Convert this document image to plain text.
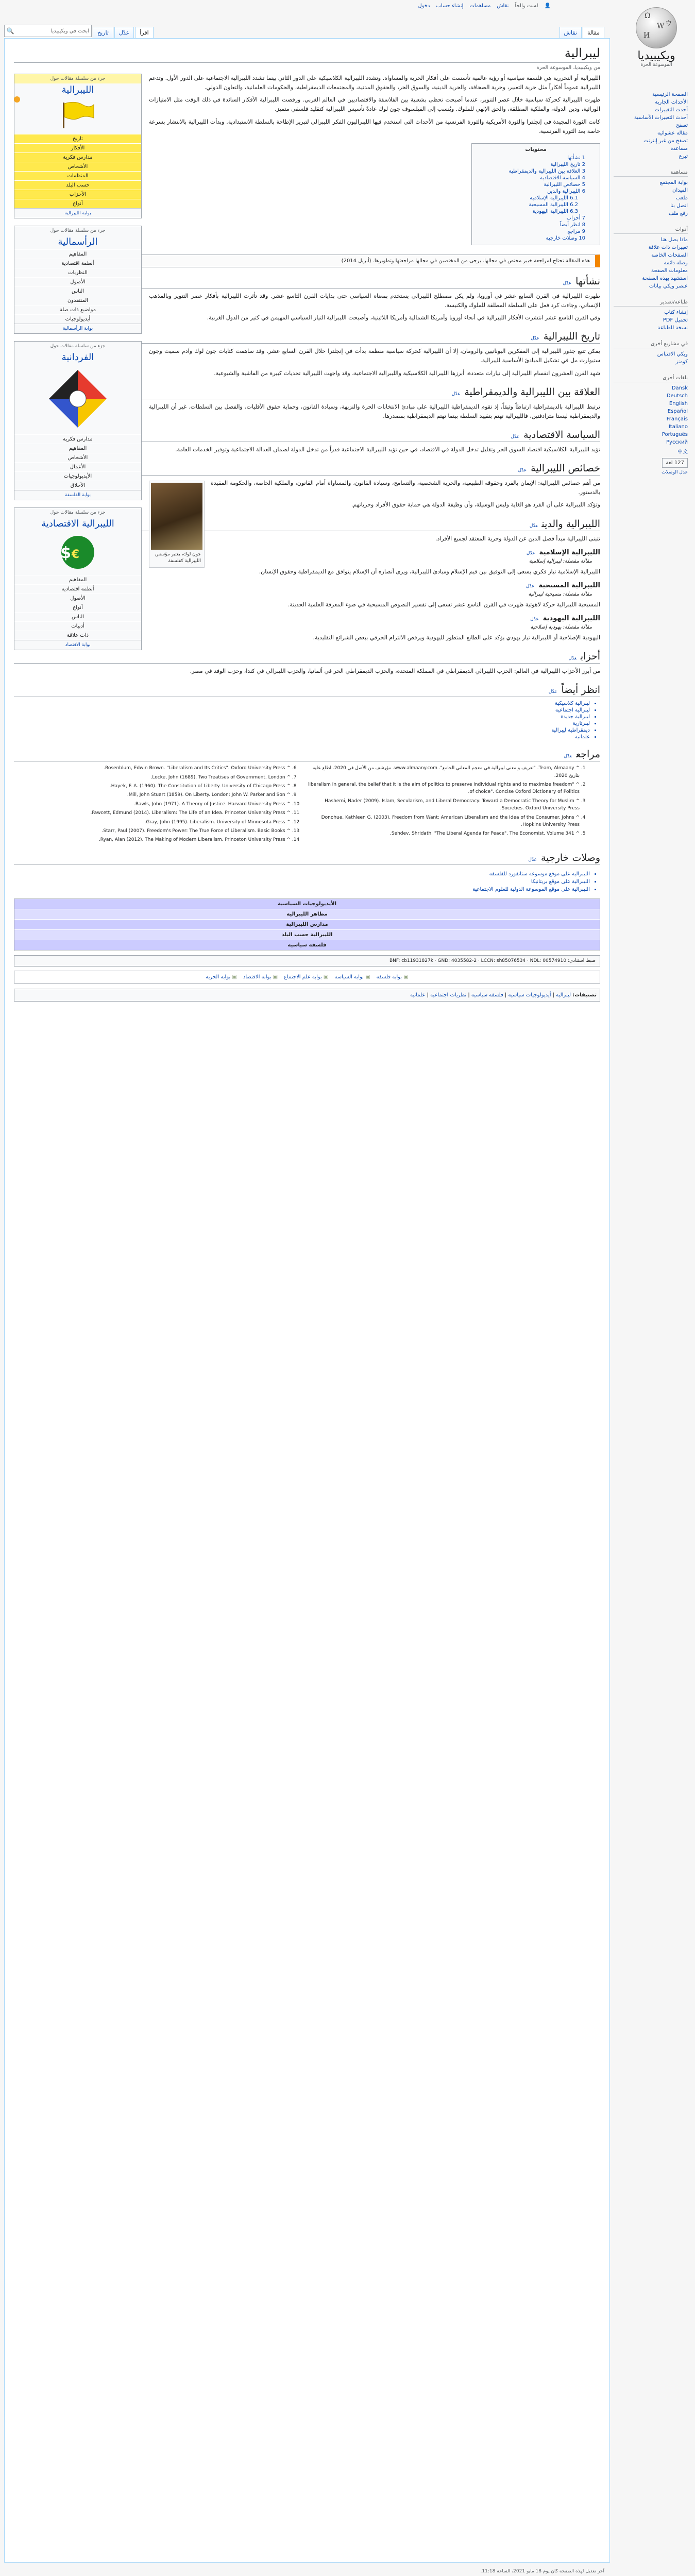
👤
لست والجاً
نقاش
مساهمات
إنشاء حساب
دخول
Ω
W
И
ウ
ويكيبيديا
الموسوعة الحرة
مقالة
نقاش
اقرأ
عدّل
تاريخ
ابحث في ويكيبيديا
🔍
الصفحة الرئيسية
الأحداث الجارية
أحدث التغييرات
أحدث التغييرات الأساسية
تصفح
مقالة عشوائية
تصفح من غير إنترنت
مساعدة
تبرع
مساهمة
بوابة المجتمع
الميدان
ملعب
اتصل بنا
رفع ملف
أدوات
ماذا يصل هنا
تغييرات ذات علاقة
الصفحات الخاصة
وصلة دائمة
معلومات الصفحة
استشهد بهذه الصفحة
عنصر ويكي بيانات
طباعة/تصدير
إنشاء كتاب
تحميل PDF
نسخة للطباعة
في مشاريع أخرى
ويكي الاقتباس
كومنز
بلغات أخرى
Dansk
Deutsch
English
Español
Français
Italiano
Português
Русский
中文
127 لغة
عدل الوصلات
ليبرالية
من ويكيبيديا، الموسوعة الحرة
جزء من سلسلة مقالات حول
الليبرالية
تاريخ
الأفكار
مدارس فكرية
الأشخاص
المنظمات
حسب البلد
الأحزاب
أنواع
بوابة الليبرالية
جزء من سلسلة مقالات حول
الرأسمالية
المفاهيم
أنظمة اقتصادية
النظريات
الأصول
الناس
المنتقدون
مواضيع ذات صلة
أيديولوجيات
بوابة الرأسمالية
جزء من سلسلة مقالات حول
الفردانية
مدارس فكرية
المفاهيم
الأشخاص
الأعمال
الأيديولوجيات
الأخلاق
بوابة الفلسفة
جزء من سلسلة مقالات حول
الليبرالية الاقتصادية
$ €
المفاهيم
أنظمة اقتصادية
الأصول
أنواع
الناس
أدبيات
ذات علاقة
بوابة الاقتصاد

الليبرالية أو التحررية هي فلسفة سياسية أو رؤية عالمية تأسست على أفكار الحرية والمساواة. وتشدد الليبرالية الكلاسيكية على الدور الثاني بينما تشدد الليبرالية الاجتماعية على الدور الأول. وتدعم الليبرالية عموماً أفكاراً مثل حرية التعبير، وحرية الصحافة، والحرية الدينية، والسوق الحر، والحقوق المدنية، والمجتمعات الديمقراطية، والحكومات العلمانية، والتعاون الدولي.

ظهرت الليبرالية كحركة سياسية خلال عصر التنوير، عندما أصبحت تحظى بشعبية بين الفلاسفة والاقتصاديين في العالم الغربي. ورفضت الليبرالية الأفكار السائدة في ذلك الوقت مثل الامتيازات الوراثية، ودين الدولة، والملكية المطلقة، والحق الإلهي للملوك. ويُنسب إلى الفيلسوف جون لوك عادةً تأسيس الليبرالية كتقليد فلسفي متميز.

كانت الثورة المجيدة في إنجلترا والثورة الأمريكية والثورة الفرنسية من الأحداث التي استخدم فيها الليبراليون الفكر الليبرالي لتبرير الإطاحة بالسلطة الاستبدادية. وبدأت الليبرالية بالانتشار بسرعة خاصة بعد الثورة الفرنسية.

محتويات
1 نشأتها
2 تاريخ الليبرالية
3 العلاقة بين الليبرالية والديمقراطية
4 السياسة الاقتصادية
5 خصائص الليبرالية
6 الليبرالية والدين
6.1 الليبرالية الإسلامية
6.2 الليبرالية المسيحية
6.3 الليبرالية اليهودية
7 أحزاب
8 انظر أيضاً
9 مراجع
10 وصلات خارجية
هذه المقالة تحتاج لمراجعة خبير مختص في مجالها. يرجى من المختصين في مجالها مراجعتها وتطويرها. (أبريل 2014)
نشأتهاعدّل

ظهرت الليبرالية في القرن السابع عشر في أوروبا، ولم يكن مصطلح الليبرالي يستخدم بمعناه السياسي حتى بدايات القرن التاسع عشر. وقد تأثرت الليبرالية بأفكار عصر التنوير وبالمذهب الإنساني، وجاءت كرد فعل على السلطة المطلقة للملوك والكنيسة.

وفي القرن التاسع عشر انتشرت الأفكار الليبرالية في أنحاء أوروبا وأمريكا الشمالية وأمريكا اللاتينية، وأصبحت الليبرالية التيار السياسي المهيمن في كثير من الدول الغربية.

تاريخ الليبراليةعدّل

يمكن تتبع جذور الليبرالية إلى المفكرين اليونانيين والرومان، إلا أن الليبرالية كحركة سياسية منظمة بدأت في إنجلترا خلال القرن السابع عشر. وقد ساهمت كتابات جون لوك وآدم سميث وجون ستيوارت مل في تشكيل المبادئ الأساسية لليبرالية.

شهد القرن العشرون انقسام الليبرالية إلى تيارات متعددة، أبرزها الليبرالية الكلاسيكية والليبرالية الاجتماعية، وقد واجهت الليبرالية تحديات كبيرة من الفاشية والشيوعية.

العلاقة بين الليبرالية والديمقراطيةعدّل

ترتبط الليبرالية بالديمقراطية ارتباطاً وثيقاً، إذ تقوم الديمقراطية الليبرالية على مبادئ الانتخابات الحرة والنزيهة، وسيادة القانون، وحماية حقوق الأقليات، والفصل بين السلطات. غير أن الليبرالية والديمقراطية ليستا مترادفتين، فالليبرالية تهتم بتقييد السلطة بينما تهتم الديمقراطية بمصدرها.

السياسة الاقتصاديةعدّل

تؤيد الليبرالية الكلاسيكية اقتصاد السوق الحر وتقليل تدخل الدولة في الاقتصاد، في حين تؤيد الليبرالية الاجتماعية قدراً من تدخل الدولة لضمان العدالة الاجتماعية وتوفير الخدمات العامة.

خصائص الليبراليةعدّل
جون لوك، يعتبر مؤسس الليبرالية كفلسفة

من أهم خصائص الليبرالية: الإيمان بالفرد وحقوقه الطبيعية، والحرية الشخصية، والتسامح، وسيادة القانون، والمساواة أمام القانون، والملكية الخاصة، والحكومة المقيدة بالدستور.

وتؤكد الليبرالية على أن الفرد هو الغاية وليس الوسيلة، وأن وظيفة الدولة هي حماية حقوق الأفراد وحرياتهم.

الليبرالية والدينعدّل

تتبنى الليبرالية مبدأ فصل الدين عن الدولة وحرية المعتقد لجميع الأفراد.

الليبرالية الإسلاميةعدّل
مقالة مفصلة: ليبرالية إسلامية

الليبرالية الإسلامية تيار فكري يسعى إلى التوفيق بين قيم الإسلام ومبادئ الليبرالية، ويرى أنصاره أن الإسلام يتوافق مع الديمقراطية وحقوق الإنسان.

الليبرالية المسيحيةعدّل
مقالة مفصلة: مسيحية ليبرالية

المسيحية الليبرالية حركة لاهوتية ظهرت في القرن التاسع عشر تسعى إلى تفسير النصوص المسيحية في ضوء المعرفة العلمية الحديثة.

الليبرالية اليهوديةعدّل
مقالة مفصلة: يهودية إصلاحية

اليهودية الإصلاحية أو الليبرالية تيار يهودي يؤكد على الطابع المتطور لليهودية ويرفض الالتزام الحرفي ببعض الشرائع التقليدية.

أحزابعدّل

من أبرز الأحزاب الليبرالية في العالم: الحزب الليبرالي الديمقراطي في المملكة المتحدة، والحزب الديمقراطي الحر في ألمانيا، والحزب الليبرالي في كندا، وحزب الوفد في مصر.

انظر أيضاًعدّل
• ليبرالية كلاسيكية
• ليبرالية اجتماعية
• ليبرالية جديدة
• ليبرتارية
• ديمقراطية ليبرالية
• علمانية
مراجععدّل
1. ^ Team, Almaany. "تعريف و معنى ليبرالية في معجم المعاني الجامع". www.almaany.com. مؤرشف من الأصل في 2020. اطلع عليه بتاريخ 2020.
2. ^ "liberalism In general, the belief that it is the aim of politics to preserve individual rights and to maximize freedom of choice". Concise Oxford Dictionary of Politics.
3. ^ Hashemi, Nader (2009). Islam, Secularism, and Liberal Democracy: Toward a Democratic Theory for Muslim Societies. Oxford University Press.
4. ^ Donohue, Kathleen G. (2003). Freedom from Want: American Liberalism and the Idea of the Consumer. Johns Hopkins University Press.
5. ^ Sehdev, Shridath. "The Liberal Agenda for Peace". The Economist, Volume 341.
6. ^ Rosenblum, Edwin Brown. "Liberalism and Its Critics". Oxford University Press.
7. ^ Locke, John (1689). Two Treatises of Government. London.
8. ^ Hayek, F. A. (1960). The Constitution of Liberty. University of Chicago Press.
9. ^ Mill, John Stuart (1859). On Liberty. London: John W. Parker and Son.
10. ^ Rawls, John (1971). A Theory of Justice. Harvard University Press.
11. ^ Fawcett, Edmund (2014). Liberalism: The Life of an Idea. Princeton University Press.
12. ^ Gray, John (1995). Liberalism. University of Minnesota Press.
13. ^ Starr, Paul (2007). Freedom's Power: The True Force of Liberalism. Basic Books.
14. ^ Ryan, Alan (2012). The Making of Modern Liberalism. Princeton University Press.
وصلات خارجيةعدّل
• الليبرالية على موقع موسوعة ستانفورد للفلسفة
• الليبرالية على موقع بريتانيكا
• الليبرالية على موقع الموسوعة الدولية للعلوم الاجتماعية
الأيديولوجيات السياسية
مظاهر الليبرالية
مدارس الليبرالية
الليبرالية حسب البلد
فلسفة سياسية
ضبط استنادي: BNF: cb11931827k · GND: 4035582-2 · LCCN: sh85076534 · NDL: 00574910
▣ بوابة فلسفة
▣ بوابة السياسة
▣ بوابة علم الاجتماع
▣ بوابة الاقتصاد
▣ بوابة الحرية
تصنيفات: ليبرالية| أيديولوجيات سياسية| فلسفة سياسية| نظريات اجتماعية| علمانية
آخر تعديل لهذه الصفحة كان يوم 18 مايو 2021، الساعة 11:18.
